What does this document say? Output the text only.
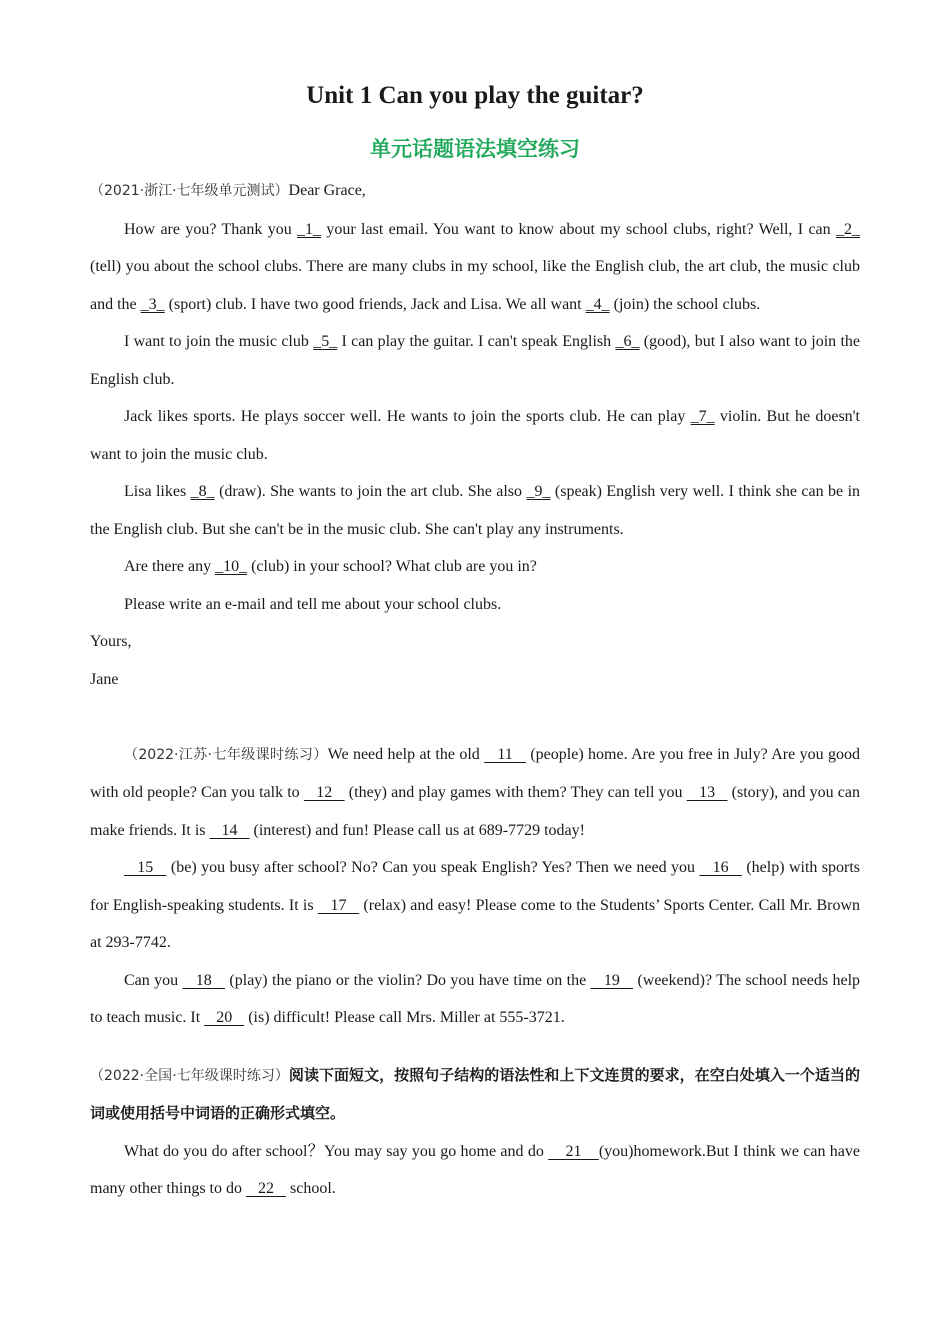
Unit 1 Can you play the guitar?
单元话题语法填空练习

（2021·浙江·七年级单元测试）Dear Grace,

How are you? Thank you _1_ your last email. You want to know about my school clubs, right? Well, I can _2_ (tell) you about the school clubs. There are many clubs in my school, like the English club, the art club, the music club and the _3_ (sport) club. I have two good friends, Jack and Lisa. We all want _4_ (join) the school clubs.

I want to join the music club _5_ I can play the guitar. I can't speak English _6_ (good), but I also want to join the English club.

Jack likes sports. He plays soccer well. He wants to join the sports club. He can play _7_ violin. But he doesn't want to join the music club.

Lisa likes _8_ (draw). She wants to join the art club. She also _9_ (speak) English very well. I think she can be in the English club. But she can't be in the music club. She can't play any instruments.

Are there any _10_ (club) in your school? What club are you in?

Please write an e-mail and tell me about your school clubs.

Yours,

Jane

（2022·江苏·七年级课时练习）We need help at the old    11    (people) home. Are you free in July? Are you good with old people? Can you talk to    12    (they) and play games with them? They can tell you    13    (story), and you can make friends. It is    14    (interest) and fun! Please call us at 689-7729 today!

15    (be) you busy after school? No? Can you speak English? Yes? Then we need you    16    (help) with sports for English-speaking students. It is    17    (relax) and easy! Please come to the Students’ Sports Center. Call Mr. Brown at 293-7742.

Can you    18    (play) the piano or the violin? Do you have time on the    19    (weekend)? The school needs help to teach music. It    20    (is) difficult! Please call Mrs. Miller at 555-3721.

（2022·全国·七年级课时练习）阅读下面短文，按照句子结构的语法性和上下文连贯的要求，在空白处填入一个适当的词或使用括号中词语的正确形式填空。

What do you do after school？You may say you go home and do     21    (you)homework.But I think we can have many other things to do    22    school.
